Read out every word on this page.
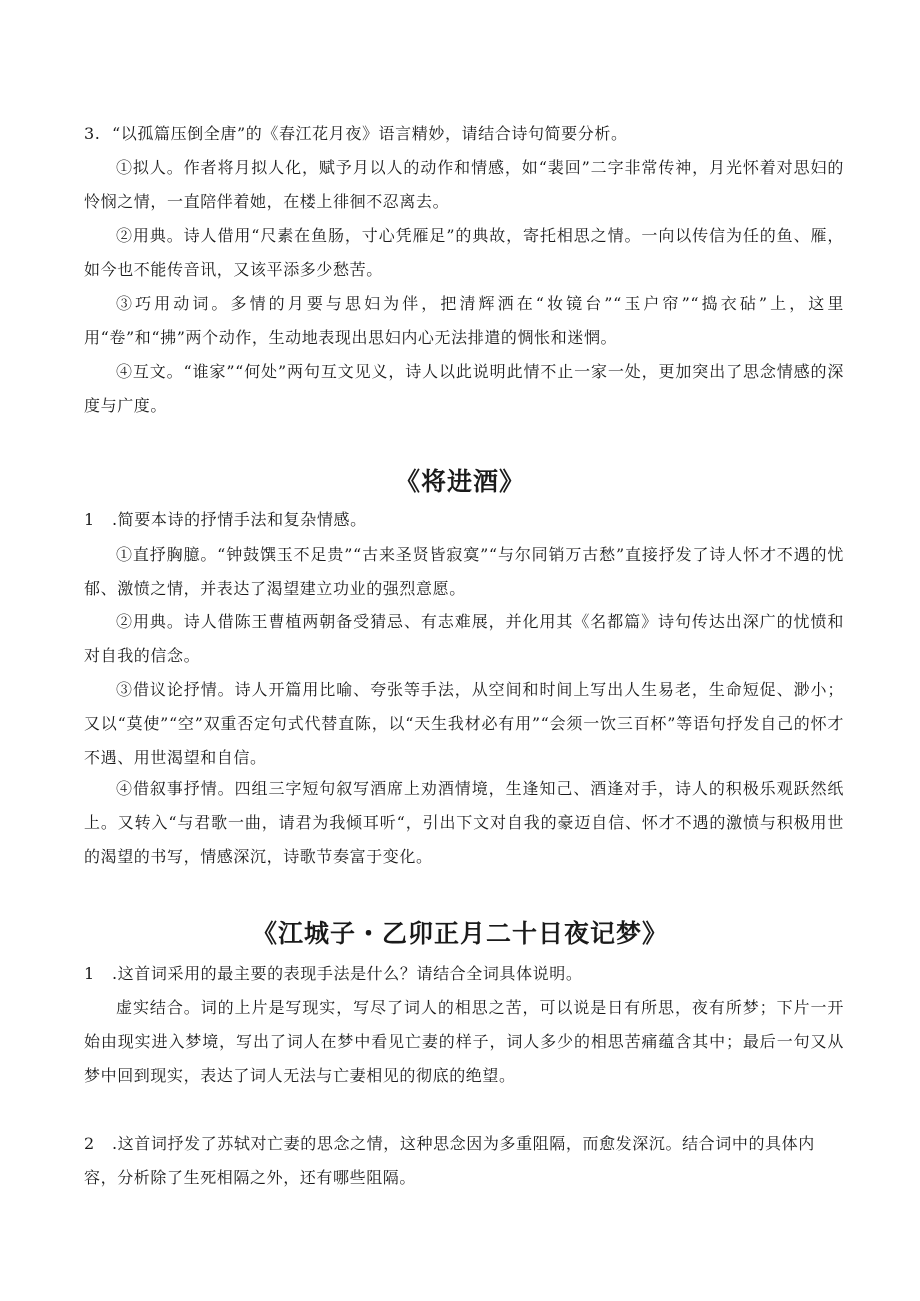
3. “以孤篇压倒全唐”的《春江花月夜》语言精妙，请结合诗句简要分析。

①拟人。作者将月拟人化，赋予月以人的动作和情感，如“裴回”二字非常传神，月光怀着对思妇的怜悯之情，一直陪伴着她，在楼上徘徊不忍离去。

②用典。诗人借用“尺素在鱼肠，寸心凭雁足”的典故，寄托相思之情。一向以传信为任的鱼、雁，如今也不能传音讯，又该平添多少愁苦。

③巧用动词。多情的月要与思妇为伴，把清辉洒在“妆镜台”“玉户帘”“捣衣砧”上，这里用“卷”和“拂”两个动作，生动地表现出思妇内心无法排遣的惆怅和迷惘。

④互文。“谁家”“何处”两句互文见义，诗人以此说明此情不止一家一处，更加突出了思念情感的深度与广度。

《将进酒》

1 .简要本诗的抒情手法和复杂情感。

①直抒胸臆。“钟鼓馔玉不足贵”“古来圣贤皆寂寞”“与尔同销万古愁”直接抒发了诗人怀才不遇的忧郁、激愤之情，并表达了渴望建立功业的强烈意愿。

②用典。诗人借陈王曹植两朝备受猜忌、有志难展，并化用其《名都篇》诗句传达出深广的忧愤和对自我的信念。

③借议论抒情。诗人开篇用比喻、夸张等手法，从空间和时间上写出人生易老，生命短促、渺小；又以“莫使”“空”双重否定句式代替直陈，以“天生我材必有用”“会须一饮三百杯”等语句抒发自己的怀才不遇、用世渴望和自信。

④借叙事抒情。四组三字短句叙写酒席上劝酒情境，生逢知己、酒逢对手，诗人的积极乐观跃然纸上。又转入“与君歌一曲，请君为我倾耳听“，引出下文对自我的豪迈自信、怀才不遇的激愤与积极用世的渴望的书写，情感深沉，诗歌节奏富于变化。

《江城子・乙卯正月二十日夜记梦》

1 .这首词采用的最主要的表现手法是什么？请结合全词具体说明。

虚实结合。词的上片是写现实，写尽了词人的相思之苦，可以说是日有所思，夜有所梦；下片一开始由现实进入梦境，写出了词人在梦中看见亡妻的样子，词人多少的相思苦痛蕴含其中；最后一句又从梦中回到现实，表达了词人无法与亡妻相见的彻底的绝望。

2 .这首词抒发了苏轼对亡妻的思念之情，这种思念因为多重阻隔，而愈发深沉。结合词中的具体内容，分析除了生死相隔之外，还有哪些阻隔。
